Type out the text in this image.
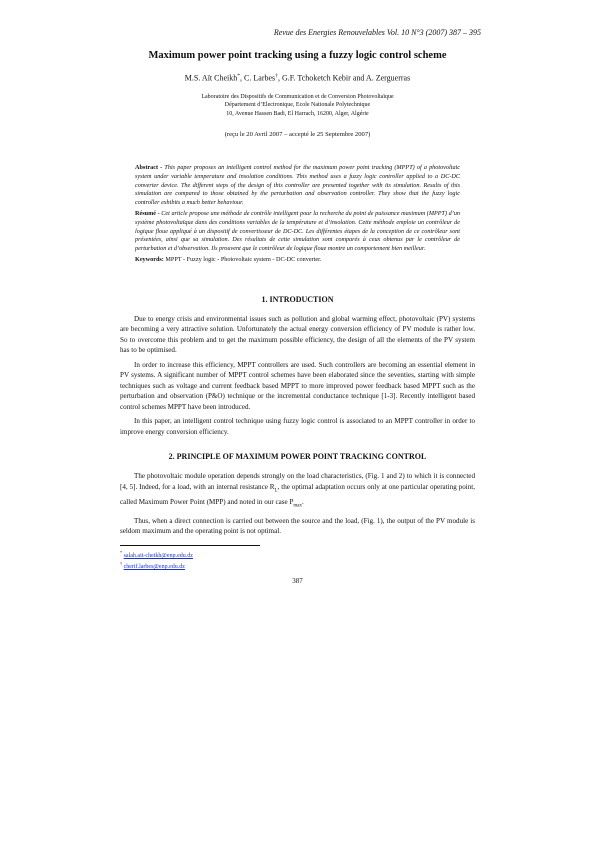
Revue des Energies Renouvelables Vol. 10 N°3 (2007) 387 – 395
Maximum power point tracking using a fuzzy logic control scheme
M.S. Aït Cheikh*, C. Larbes†, G.F. Tchoketch Kebir and A. Zerguerras
Laboratoire des Dispositifs de Communication et de Conversion Photovoltaïque
Département d’Electronique, Ecole Nationale Polytechnique
10, Avenue Hassen Badi, El Harrach, 16200, Alger, Algérie
(reçu le 20 Avril 2007 – accepté le 25 Septembre 2007)

Abstract - This paper proposes an intelligent control method for the maximum power point tracking (MPPT) of a photovoltaic system under variable temperature and insolation conditions. This method uses a fuzzy logic controller applied to a DC-DC converter device. The different steps of the design of this controller are presented together with its simulation. Results of this simulation are compared to those obtained by the perturbation and observation controller. They show that the fuzzy logic controller exhibits a much better behaviour.

Résumé - Cet article propose une méthode de contrôle intelligent pour la recherche du point de puissance maximum (MPPT) d’un système photovoltaïque dans des conditions variables de la température et d’insolation. Cette méthode emploie un contrôleur de logique floue appliqué à un dispositif de convertisseur de DC-DC. Les différentes étapes de la conception de ce contrôleur sont présentées, ainsi que sa simulation. Des résultats de cette simulation sont comparés à ceux obtenus par le contrôleur de perturbation et d’observation. Ils prouvent que le contrôleur de logique floue montre un comportement bien meilleur.

Keywords: MPPT - Fuzzy logic - Photovoltaic system - DC-DC converter.

1. INTRODUCTION

Due to energy crisis and environmental issues such as pollution and global warming effect, photovoltaic (PV) systems are becoming a very attractive solution. Unfortunately the actual energy conversion efficiency of PV module is rather low. So to overcome this problem and to get the maximum possible efficiency, the design of all the elements of the PV system has to be optimised.

In order to increase this efficiency, MPPT controllers are used. Such controllers are becoming an essential element in PV systems. A significant number of MPPT control schemes have been elaborated since the seventies, starting with simple techniques such as voltage and current feedback based MPPT to more improved power feedback based MPPT such as the perturbation and observation (P&O) technique or the incremental conductance technique [1-3]. Recently intelligent based control schemes MPPT have been introduced.

In this paper, an intelligent control technique using fuzzy logic control is associated to an MPPT controller in order to improve energy conversion efficiency.

2. PRINCIPLE OF MAXIMUM POWER POINT TRACKING CONTROL

The photovoltaic module operation depends strongly on the load characteristics, (Fig. 1 and 2) to which it is connected [4, 5]. Indeed, for a load, with an internal resistance $R_L$, the optimal adaptation occurs only at one particular operating point, called Maximum Power Point (MPP) and noted in our case $P_{max}$.

Thus, when a direct connection is carried out between the source and the load, (Fig. 1), the output of the PV module is seldom maximum and the operating point is not optimal.

* salah.ait-cheikh@enp.edu.dz
† cherif.larbes@enp.edu.dz
387
